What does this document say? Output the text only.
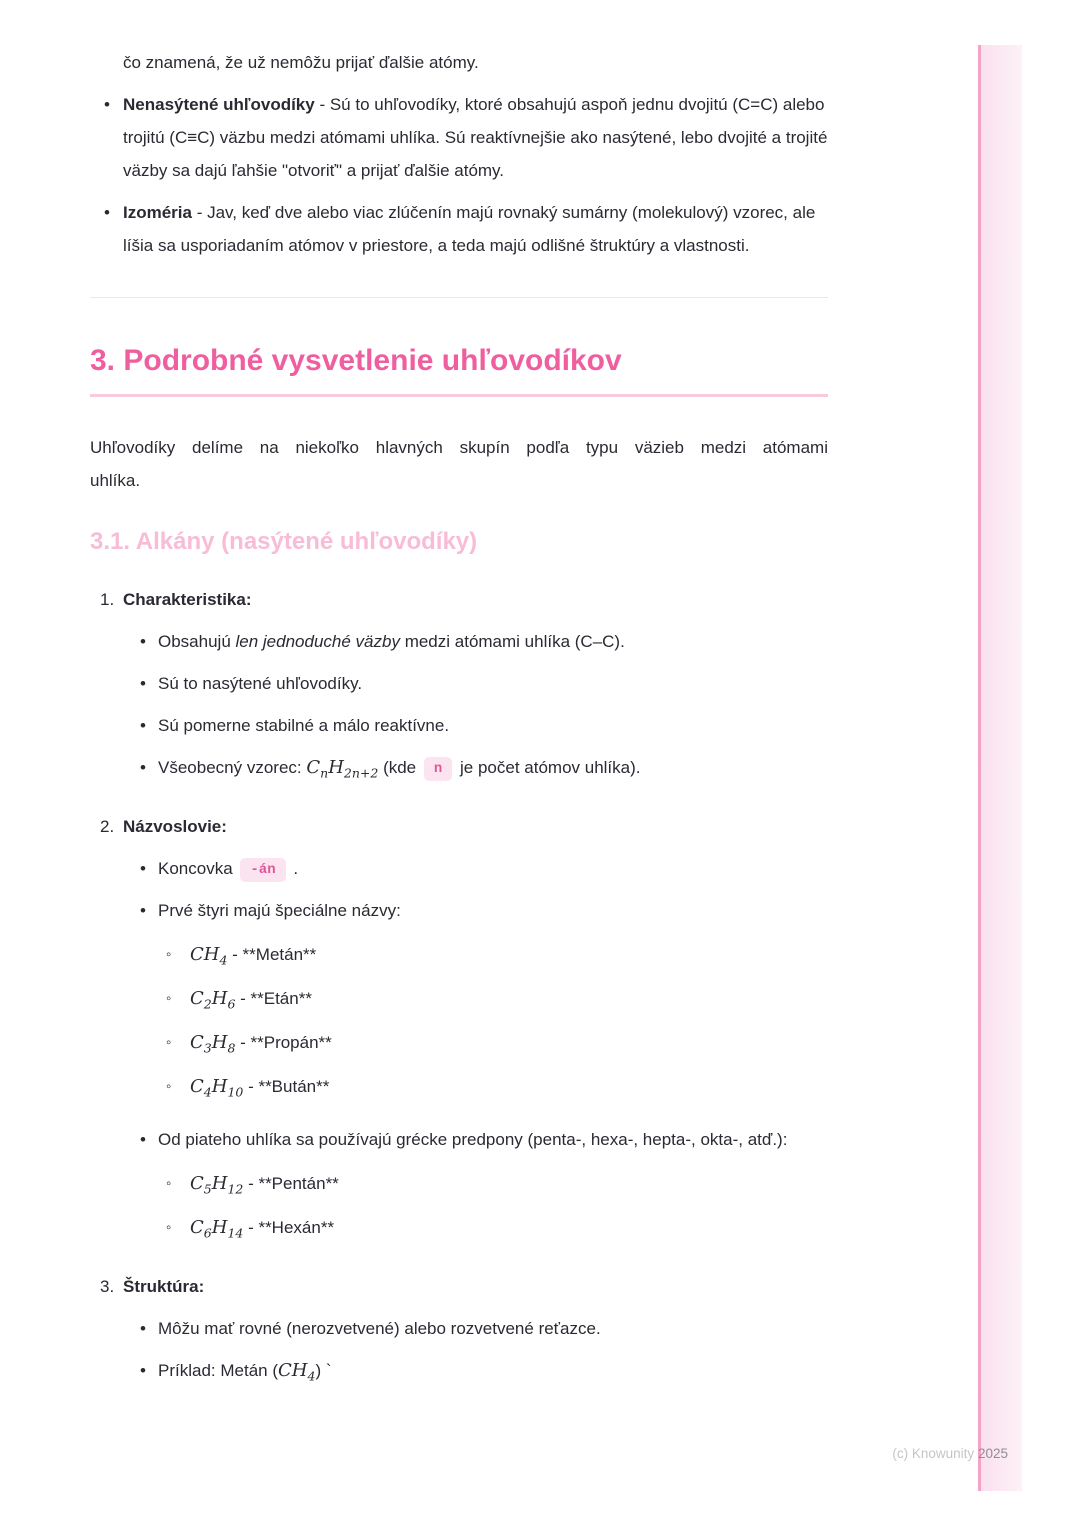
čo znamená, že už nemôžu prijať ďalšie atómy.

• Nenasýtené uhľovodíky - Sú to uhľovodíky, ktoré obsahujú aspoň jednu dvojitú (C=C) alebo trojitú (C≡C) väzbu medzi atómami uhlíka. Sú reaktívnejšie ako nasýtené, lebo dvojité a trojité väzby sa dajú ľahšie "otvoriť" a prijať ďalšie atómy.
• Izoméria - Jav, keď dve alebo viac zlúčenín majú rovnaký sumárny (molekulový) vzorec, ale líšia sa usporiadaním atómov v priestore, a teda majú odlišné štruktúry a vlastnosti.
3. Podrobné vysvetlenie uhľovodíkov

Uhľovodíky delíme na niekoľko hlavných skupín podľa typu väzieb medzi atómami uhlíka.

3.1. Alkány (nasýtené uhľovodíky)
1. Charakteristika:
• Obsahujú len jednoduché väzby medzi atómami uhlíka (C–C).
• Sú to nasýtené uhľovodíky.
• Sú pomerne stabilné a málo reaktívne.
• Všeobecný vzorec: $C_nH_{2n+2}$ (kde n je počet atómov uhlíka).
2. Názvoslovie:
• Koncovka -án .
• Prvé štyri majú špeciálne názvy:
◦	$CH_4$ - **Metán**
◦	$C_2H_6$ - **Etán**
◦	$C_3H_8$ - **Propán**
◦	$C_4H_{10}$ - **Bután**
• Od piateho uhlíka sa používajú grécke predpony (penta-, hexa-, hepta-, okta-, atď.):
◦	$C_5H_{12}$ - **Pentán**
◦	$C_6H_{14}$ - **Hexán**
3. Štruktúra:
• Môžu mať rovné (nerozvetvené) alebo rozvetvené reťazce.
• Príklad: Metán $(CH_4)$ `
(c) Knowunity 2025
